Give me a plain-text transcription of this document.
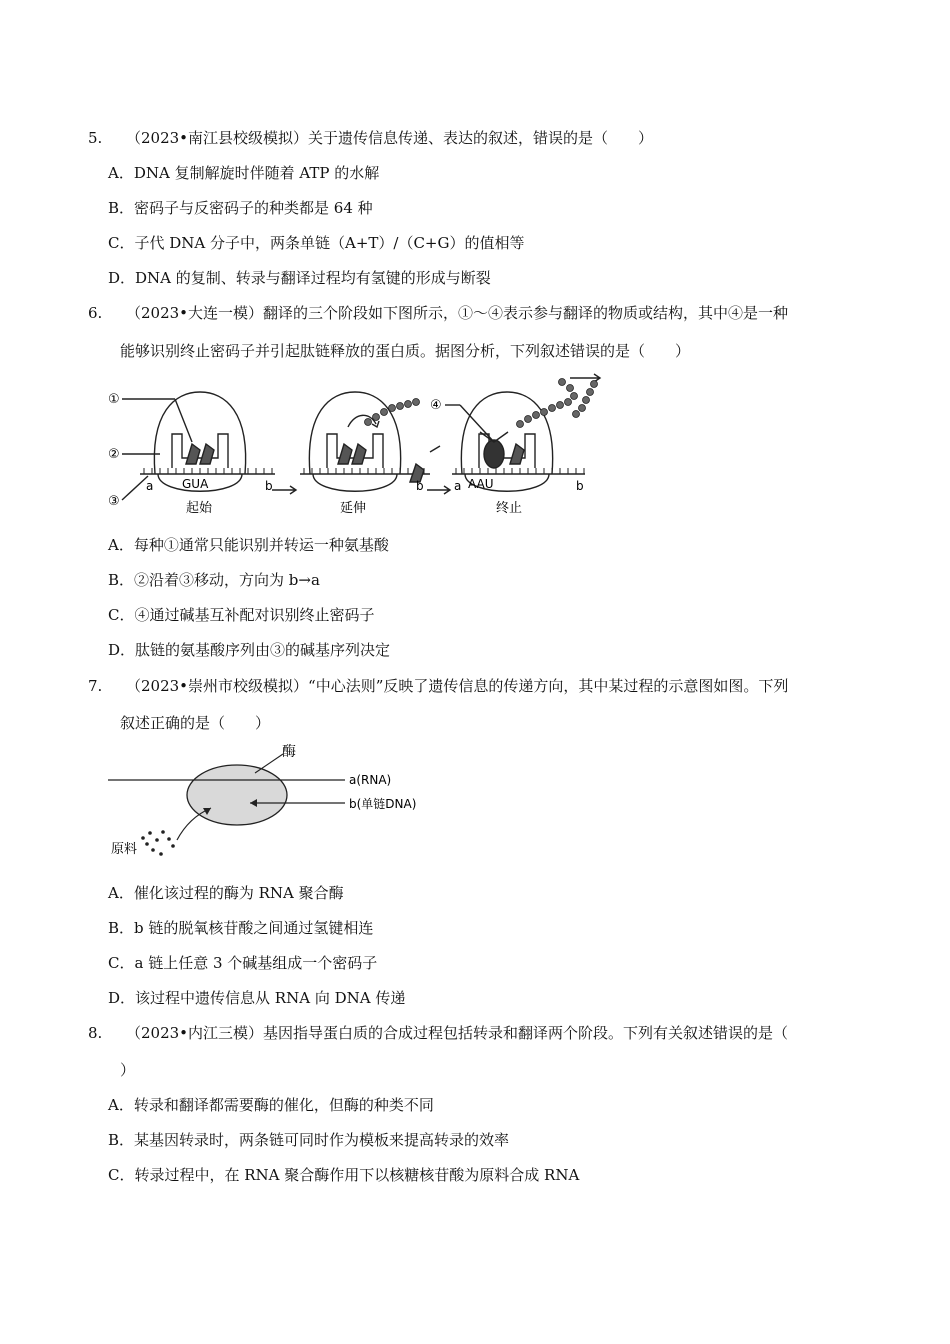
5. （2023•南江县校级模拟）关于遗传信息传递、表达的叙述，错误的是（　　）
A．DNA 复制解旋时伴随着 ATP 的水解
B．密码子与反密码子的种类都是 64 种
C．子代 DNA 分子中，两条单链（A+T）/（C+G）的值相等
D．DNA 的复制、转录与翻译过程均有氢键的形成与断裂
6. （2023•大连一模）翻译的三个阶段如下图所示，①～④表示参与翻译的物质或结构，其中④是一种
能够识别终止密码子并引起肽链释放的蛋白质。据图分析，下列叙述错误的是（　　）
①
②
③
④
a	b	b	a	b
GUA	AAU
起始	延伸	终止
A．每种①通常只能识别并转运一种氨基酸
B．②沿着③移动，方向为 b→a
C．④通过碱基互补配对识别终止密码子
D．肽链的氨基酸序列由③的碱基序列决定
7. （2023•崇州市校级模拟）“中心法则”反映了遗传信息的传递方向，其中某过程的示意图如图。下列
叙述正确的是（　　）
酶
a(RNA)
b(单链DNA)
原料
A．催化该过程的酶为 RNA 聚合酶
B．b 链的脱氧核苷酸之间通过氢键相连
C．a 链上任意 3 个碱基组成一个密码子
D．该过程中遗传信息从 RNA 向 DNA 传递
8. （2023•内江三模）基因指导蛋白质的合成过程包括转录和翻译两个阶段。下列有关叙述错误的是（
）
A．转录和翻译都需要酶的催化，但酶的种类不同
B．某基因转录时，两条链可同时作为模板来提高转录的效率
C．转录过程中，在 RNA 聚合酶作用下以核糖核苷酸为原料合成 RNA
